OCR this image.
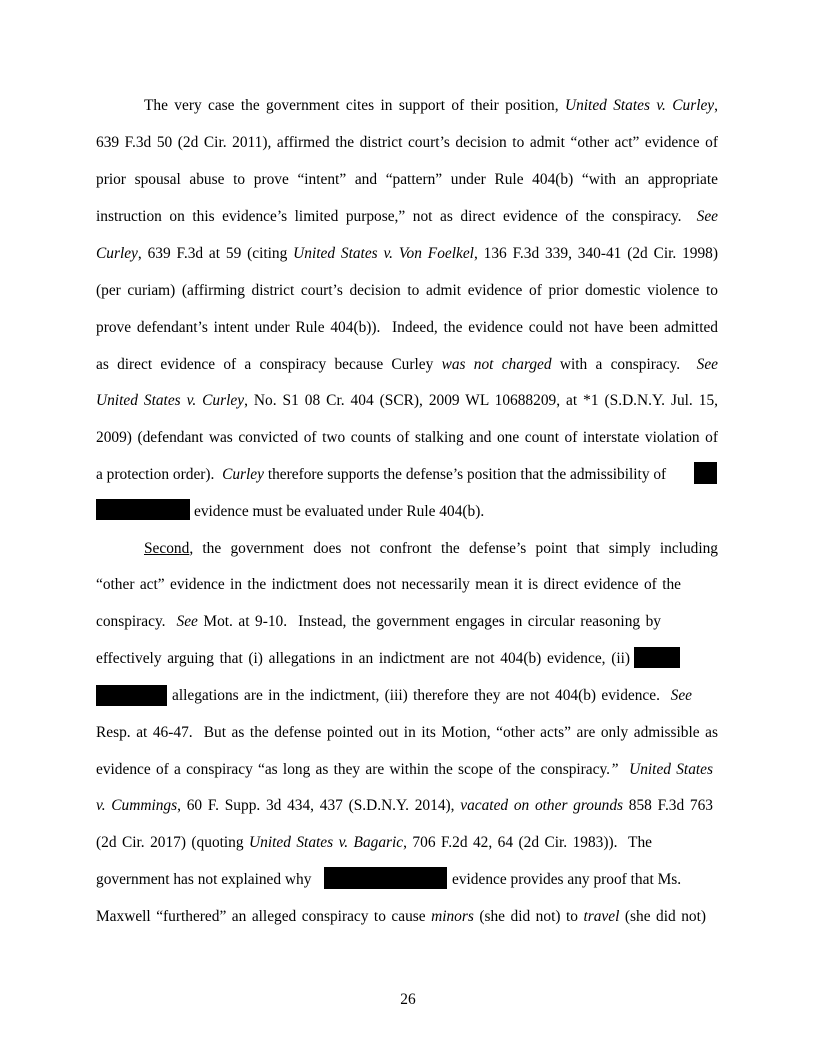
The very case the government cites in support of their position, United States v. Curley,
639 F.3d 50 (2d Cir. 2011), affirmed the district court’s decision to admit “other act” evidence of
prior spousal abuse to prove “intent” and “pattern” under Rule 404(b) “with an appropriate
instruction on this evidence’s limited purpose,” not as direct evidence of the conspiracy.  See
Curley, 639 F.3d at 59 (citing United States v. Von Foelkel, 136 F.3d 339, 340-41 (2d Cir. 1998)
(per curiam) (affirming district court’s decision to admit evidence of prior domestic violence to
prove defendant’s intent under Rule 404(b)).  Indeed, the evidence could not have been admitted
as direct evidence of a conspiracy because Curley was not charged with a conspiracy.  See
United States v. Curley, No. S1 08 Cr. 404 (SCR), 2009 WL 10688209, at *1 (S.D.N.Y. Jul. 15,
2009) (defendant was convicted of two counts of stalking and one count of interstate violation of
a protection order).  Curley therefore supports the defense’s position that the admissibility of
evidence must be evaluated under Rule 404(b).
Second, the government does not confront the defense’s point that simply including
“other act” evidence in the indictment does not necessarily mean it is direct evidence of the
conspiracy.  See Mot. at 9-10.  Instead, the government engages in circular reasoning by
effectively arguing that (i) allegations in an indictment are not 404(b) evidence, (ii)
allegations are in the indictment, (iii) therefore they are not 404(b) evidence.  See
Resp. at 46-47.  But as the defense pointed out in its Motion, “other acts” are only admissible as
evidence of a conspiracy “as long as they are within the scope of the conspiracy.”  United States
v. Cummings, 60 F. Supp. 3d 434, 437 (S.D.N.Y. 2014), vacated on other grounds 858 F.3d 763
(2d Cir. 2017) (quoting United States v. Bagaric, 706 F.2d 42, 64 (2d Cir. 1983)).  The
government has not explained why	evidence provides any proof that Ms.
Maxwell “furthered” an alleged conspiracy to cause minors (she did not) to travel (she did not)
26
